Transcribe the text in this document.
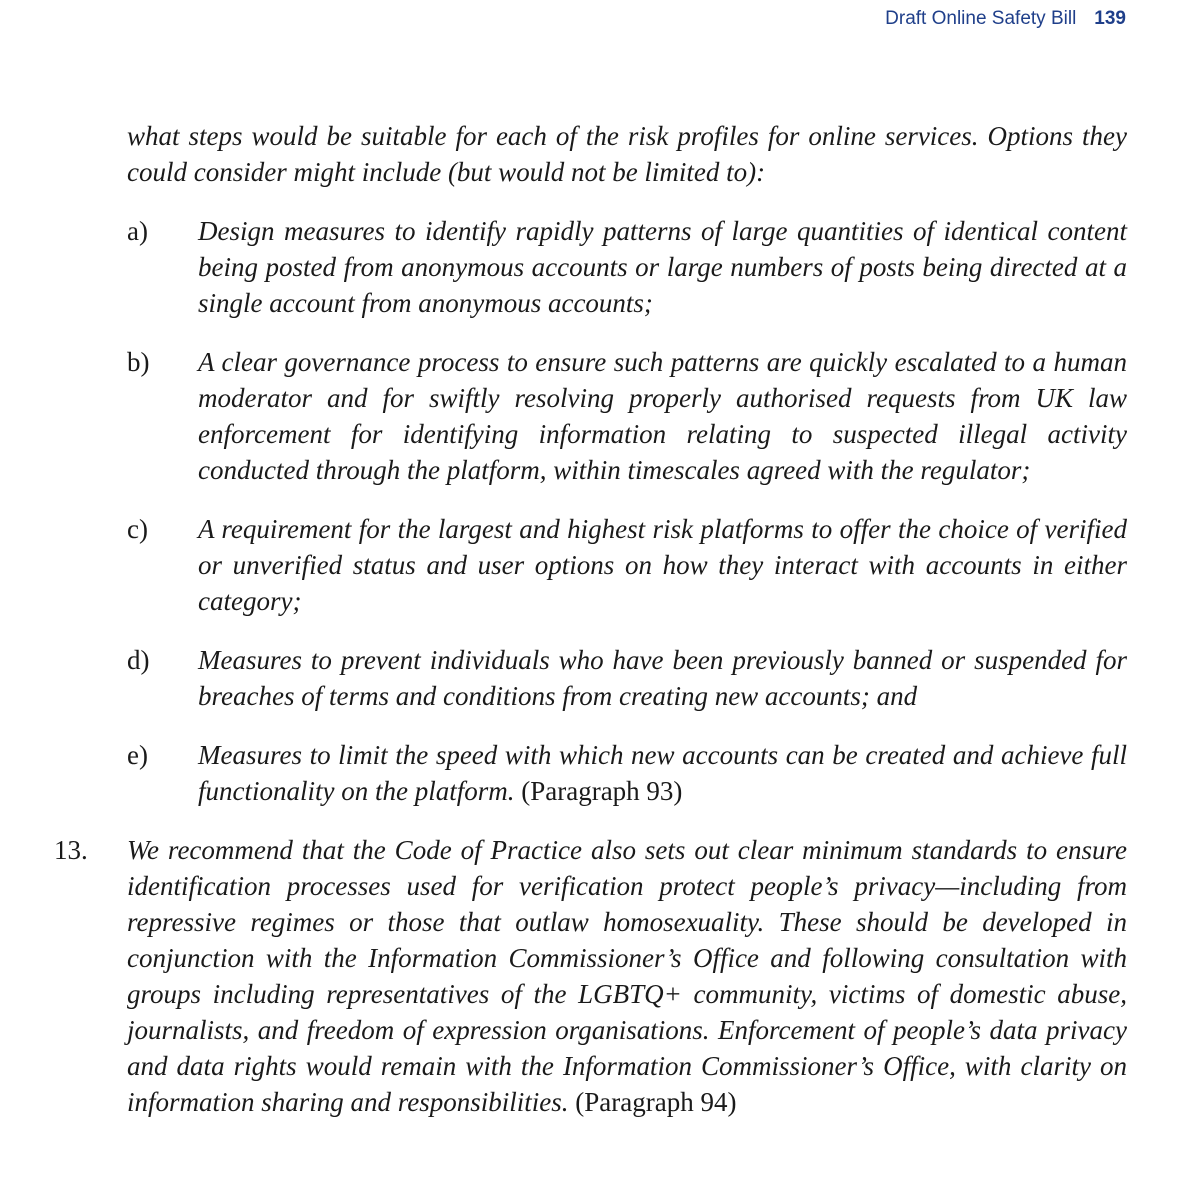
Draft Online Safety Bill 139

what steps would be suitable for each of the risk profiles for online services. Options they could consider might include (but would not be limited to):

a) Design measures to identify rapidly patterns of large quantities of identical content being posted from anonymous accounts or large numbers of posts being directed at a single account from anonymous accounts;
b) A clear governance process to ensure such patterns are quickly escalated to a human moderator and for swiftly resolving properly authorised requests from UK law enforcement for identifying information relating to suspected illegal activity conducted through the platform, within timescales agreed with the regulator;
c) A requirement for the largest and highest risk platforms to offer the choice of verified or unverified status and user options on how they interact with accounts in either category;
d) Measures to prevent individuals who have been previously banned or suspended for breaches of terms and conditions from creating new accounts; and
e) Measures to limit the speed with which new accounts can be created and achieve full functionality on the platform. (Paragraph 93)
13. We recommend that the Code of Practice also sets out clear minimum standards to ensure identification processes used for verification protect people’s privacy—including from repressive regimes or those that outlaw homosexuality. These should be developed in conjunction with the Information Commissioner’s Office and following consultation with groups including representatives of the LGBTQ+ community, victims of domestic abuse, journalists, and freedom of expression organisations. Enforcement of people’s data privacy and data rights would remain with the Information Commissioner’s Office, with clarity on information sharing and responsibilities. (Paragraph 94)
